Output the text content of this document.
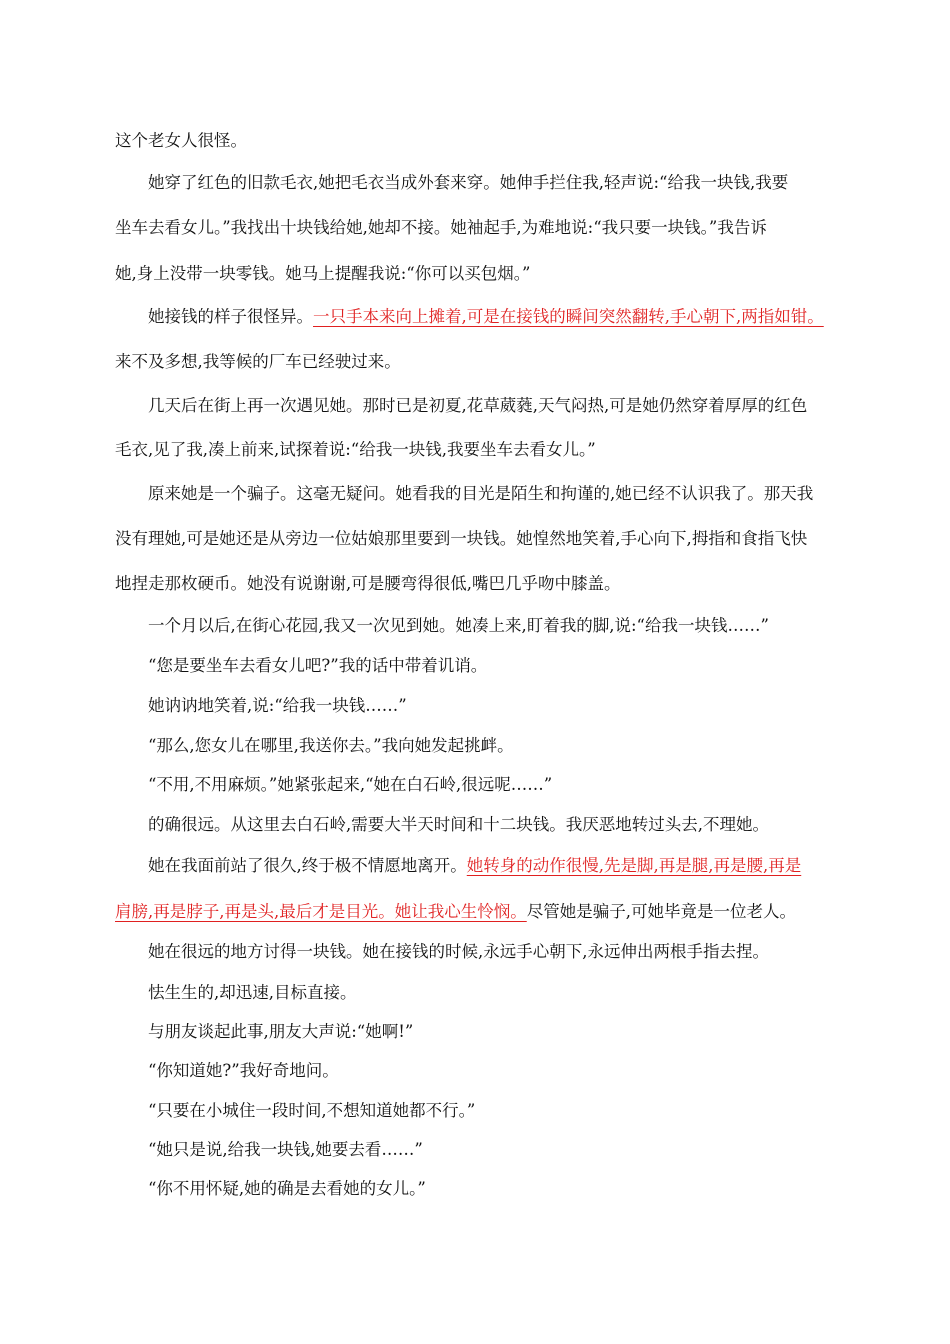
这个老女人很怪。
她穿了红色的旧款毛衣,她把毛衣当成外套来穿。她伸手拦住我,轻声说:“给我一块钱,我要
坐车去看女儿。”我找出十块钱给她,她却不接。她袖起手,为难地说:“我只要一块钱。”我告诉
她,身上没带一块零钱。她马上提醒我说:“你可以买包烟。”
她接钱的样子很怪异。一只手本来向上摊着,可是在接钱的瞬间突然翻转,手心朝下,两指如钳。
来不及多想,我等候的厂车已经驶过来。
几天后在街上再一次遇见她。那时已是初夏,花草葳蕤,天气闷热,可是她仍然穿着厚厚的红色
毛衣,见了我,凑上前来,试探着说:“给我一块钱,我要坐车去看女儿。”
原来她是一个骗子。这毫无疑问。她看我的目光是陌生和拘谨的,她已经不认识我了。那天我
没有理她,可是她还是从旁边一位姑娘那里要到一块钱。她惶然地笑着,手心向下,拇指和食指飞快
地捏走那枚硬币。她没有说谢谢,可是腰弯得很低,嘴巴几乎吻中膝盖。
一个月以后,在街心花园,我又一次见到她。她凑上来,盯着我的脚,说:“给我一块钱……”
“您是要坐车去看女儿吧?”我的话中带着讥诮。
她讷讷地笑着,说:“给我一块钱……”
“那么,您女儿在哪里,我送你去。”我向她发起挑衅。
“不用,不用麻烦。”她紧张起来,“她在白石岭,很远呢……”
的确很远。从这里去白石岭,需要大半天时间和十二块钱。我厌恶地转过头去,不理她。
她在我面前站了很久,终于极不情愿地离开。她转身的动作很慢,先是脚,再是腿,再是腰,再是
肩膀,再是脖子,再是头,最后才是目光。她让我心生怜悯。尽管她是骗子,可她毕竟是一位老人。
她在很远的地方讨得一块钱。她在接钱的时候,永远手心朝下,永远伸出两根手指去捏。
怯生生的,却迅速,目标直接。
与朋友谈起此事,朋友大声说:“她啊!”
“你知道她?”我好奇地问。
“只要在小城住一段时间,不想知道她都不行。”
“她只是说,给我一块钱,她要去看……”
“你不用怀疑,她的确是去看她的女儿。”
